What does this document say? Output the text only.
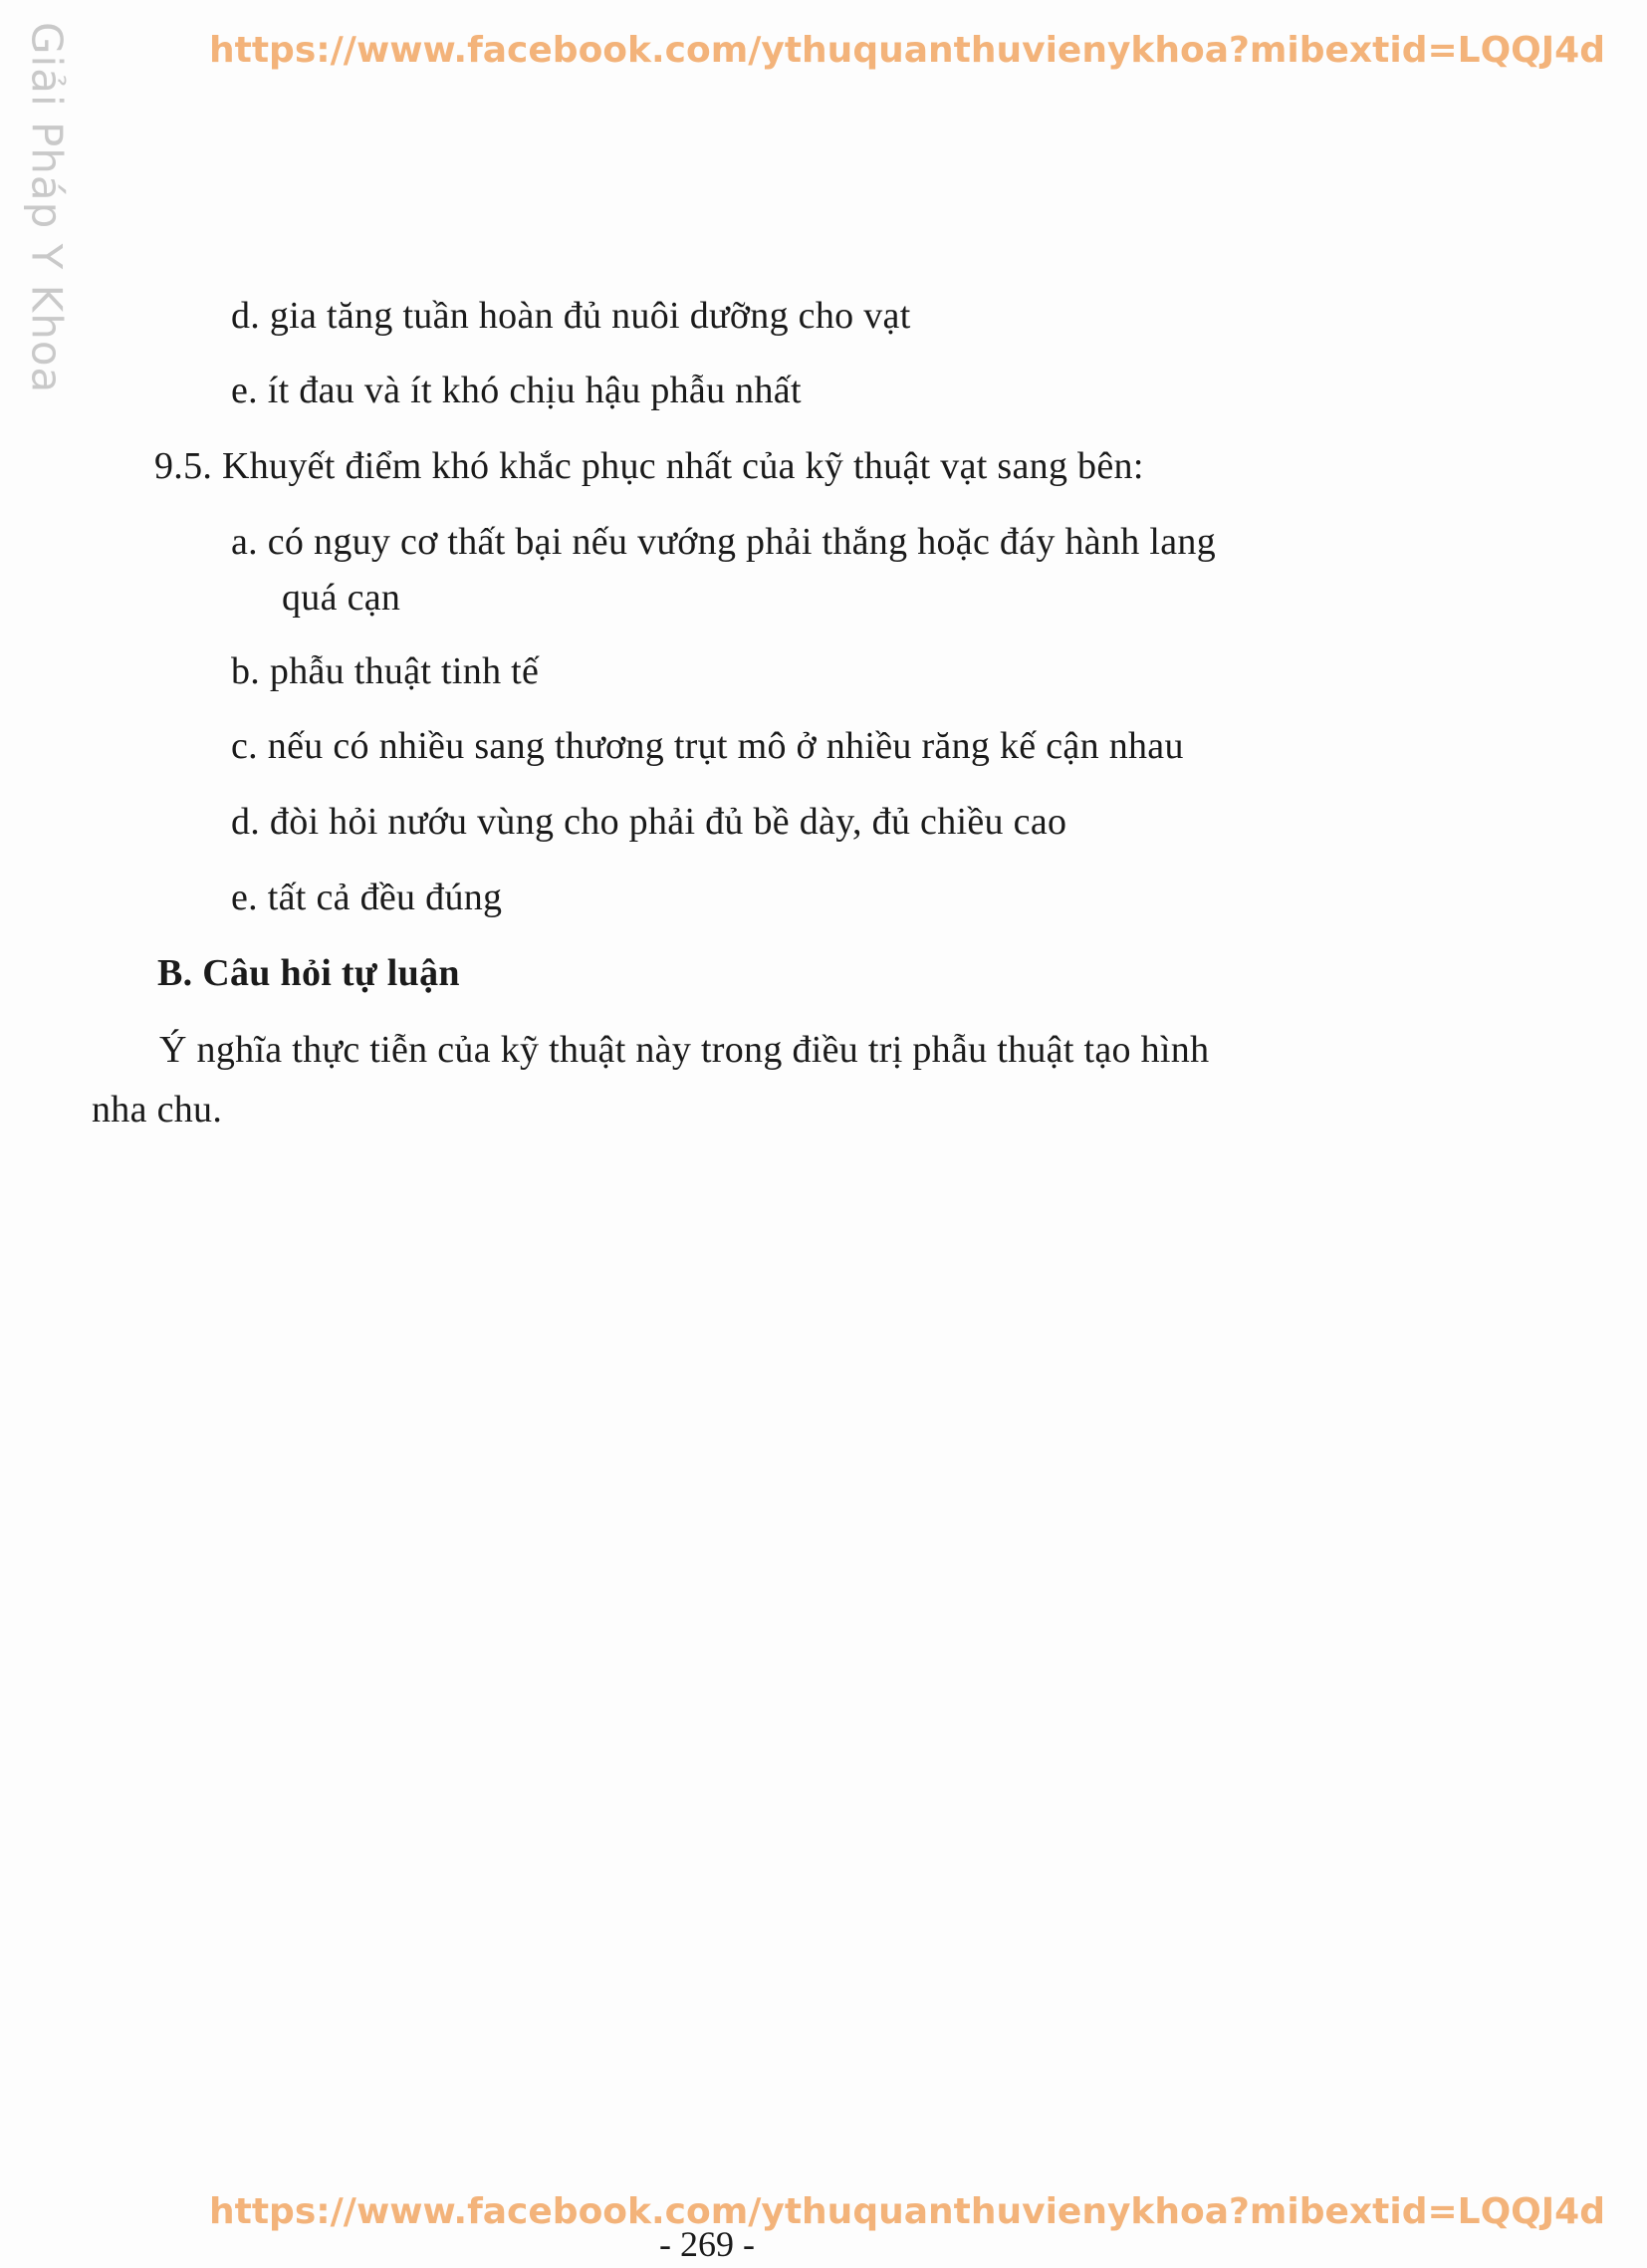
Giải Pháp Y Khoa	https://www.facebook.com/ythuquanthuvienykhoa?mibextid=LQQJ4d
d. gia tăng tuần hoàn đủ nuôi dưỡng cho vạt
e. ít đau và ít khó chịu hậu phẫu nhất
9.5. Khuyết điểm khó khắc phục nhất của kỹ thuật vạt sang bên:
a. có nguy cơ thất bại nếu vướng phải thắng hoặc đáy hành lang
quá cạn
b. phẫu thuật tinh tế
c. nếu có nhiều sang thương trụt mô ở nhiều răng kế cận nhau
d. đòi hỏi nướu vùng cho phải đủ bề dày, đủ chiều cao
e. tất cả đều đúng
B. Câu hỏi tự luận
Ý nghĩa thực tiễn của kỹ thuật này trong điều trị phẫu thuật tạo hình
nha chu.
https://www.facebook.com/ythuquanthuvienykhoa?mibextid=LQQJ4d
- 269 -
